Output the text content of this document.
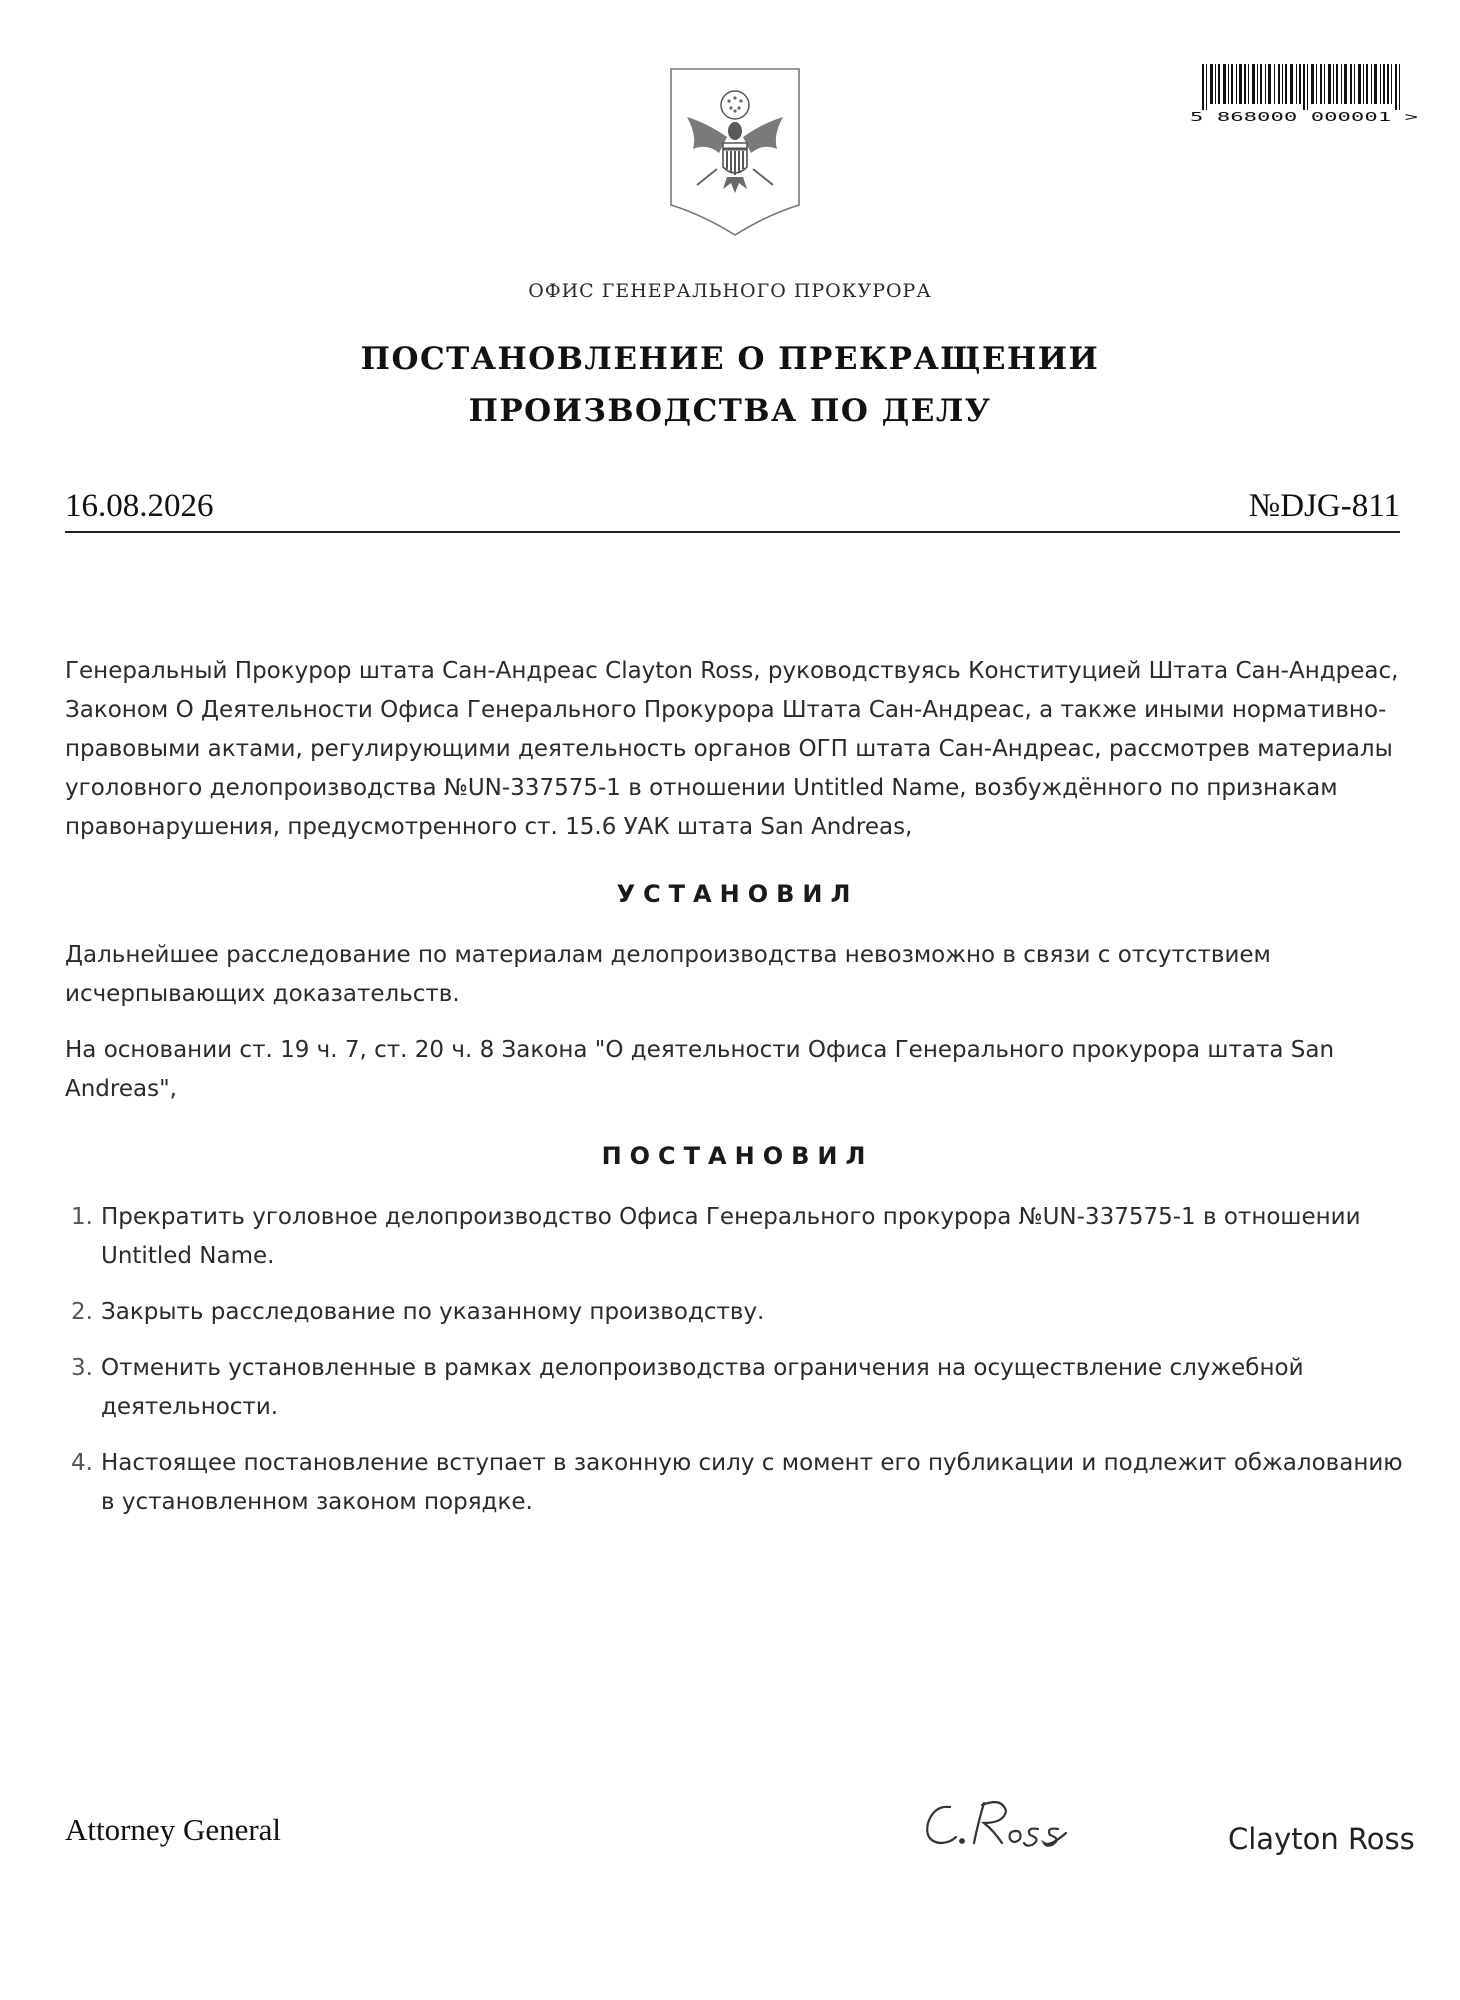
5 868000 000001 >
ОФИС ГЕНЕРАЛЬНОГО ПРОКУРОРА
ПОСТАНОВЛЕНИЕ О ПРЕКРАЩЕНИИ
ПРОИЗВОДСТВА ПО ДЕЛУ
16.08.2026	№DJG-811

Генеральный Прокурор штата Сан-Андреас Clayton Ross, руководствуясь Конституцией Штата Сан-Андреас, Законом О Деятельности Офиса Генерального Прокурора Штата Сан-Андреас, а также иными нормативно-правовыми актами, регулирующими деятельность органов ОГП штата Сан-Андреас, рассмотрев материалы уголовного делопроизводства №UN-337575-1 в отношении Untitled Name, возбуждённого по признакам правонарушения, предусмотренного ст. 15.6 УАК штата San Andreas,

УСТАНОВИЛ

Дальнейшее расследование по материалам делопроизводства невозможно в связи с отсутствием исчерпывающих доказательств.

На основании ст. 19 ч. 7, ст. 20 ч. 8 Закона "О деятельности Офиса Генерального прокурора штата San Andreas",

ПОСТАНОВИЛ
1. Прекратить уголовное делопроизводство Офиса Генерального прокурора №UN-337575-1 в отношении Untitled Name.
2. Закрыть расследование по указанному производству.
3. Отменить установленные в рамках делопроизводства ограничения на осуществление служебной деятельности.
4. Настоящее постановление вступает в законную силу с момент его публикации и подлежит обжалованию в установленном законом порядке.
Attorney General	Clayton Ross
